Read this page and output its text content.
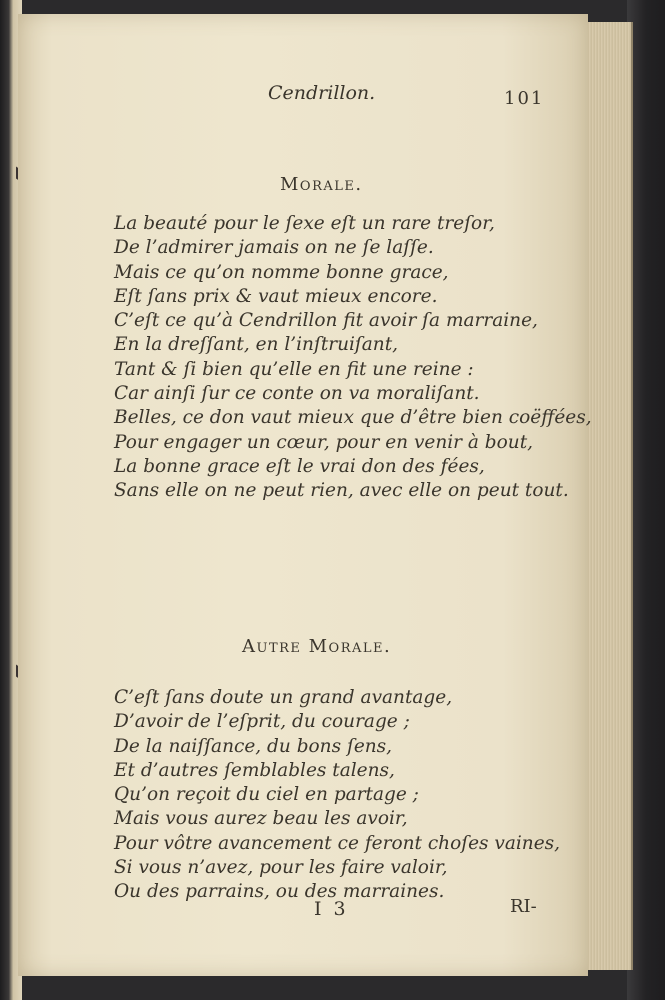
Cendrillon.	101
Morale.
La beauté pour le ſexe eſt un rare treſor,
De l’admirer jamais on ne ſe laſſe.
Mais ce qu’on nomme bonne grace,
Eſt ſans prix & vaut mieux encore.
C’eſt ce qu’à Cendrillon fit avoir ſa marraine,
En la dreſſant, en l’inſtruiſant,
Tant & ſi bien qu’elle en fit une reine :
Car ainſi ſur ce conte on va moraliſant.
Belles, ce don vaut mieux que d’être bien coëffées,
Pour engager un cœur, pour en venir à bout,
La bonne grace eſt le vrai don des fées,
Sans elle on ne peut rien, avec elle on peut tout.
Autre Morale.
C’eſt ſans doute un grand avantage,
D’avoir de l’eſprit, du courage ;
De la naiſſance, du bons ſens,
Et d’autres ſemblables talens,
Qu’on reçoit du ciel en partage ;
Mais vous aurez beau les avoir,
Pour vôtre avancement ce feront choſes vaines,
Si vous n’avez, pour les faire valoir,
Ou des parrains, ou des marraines.
I 3	RI-
